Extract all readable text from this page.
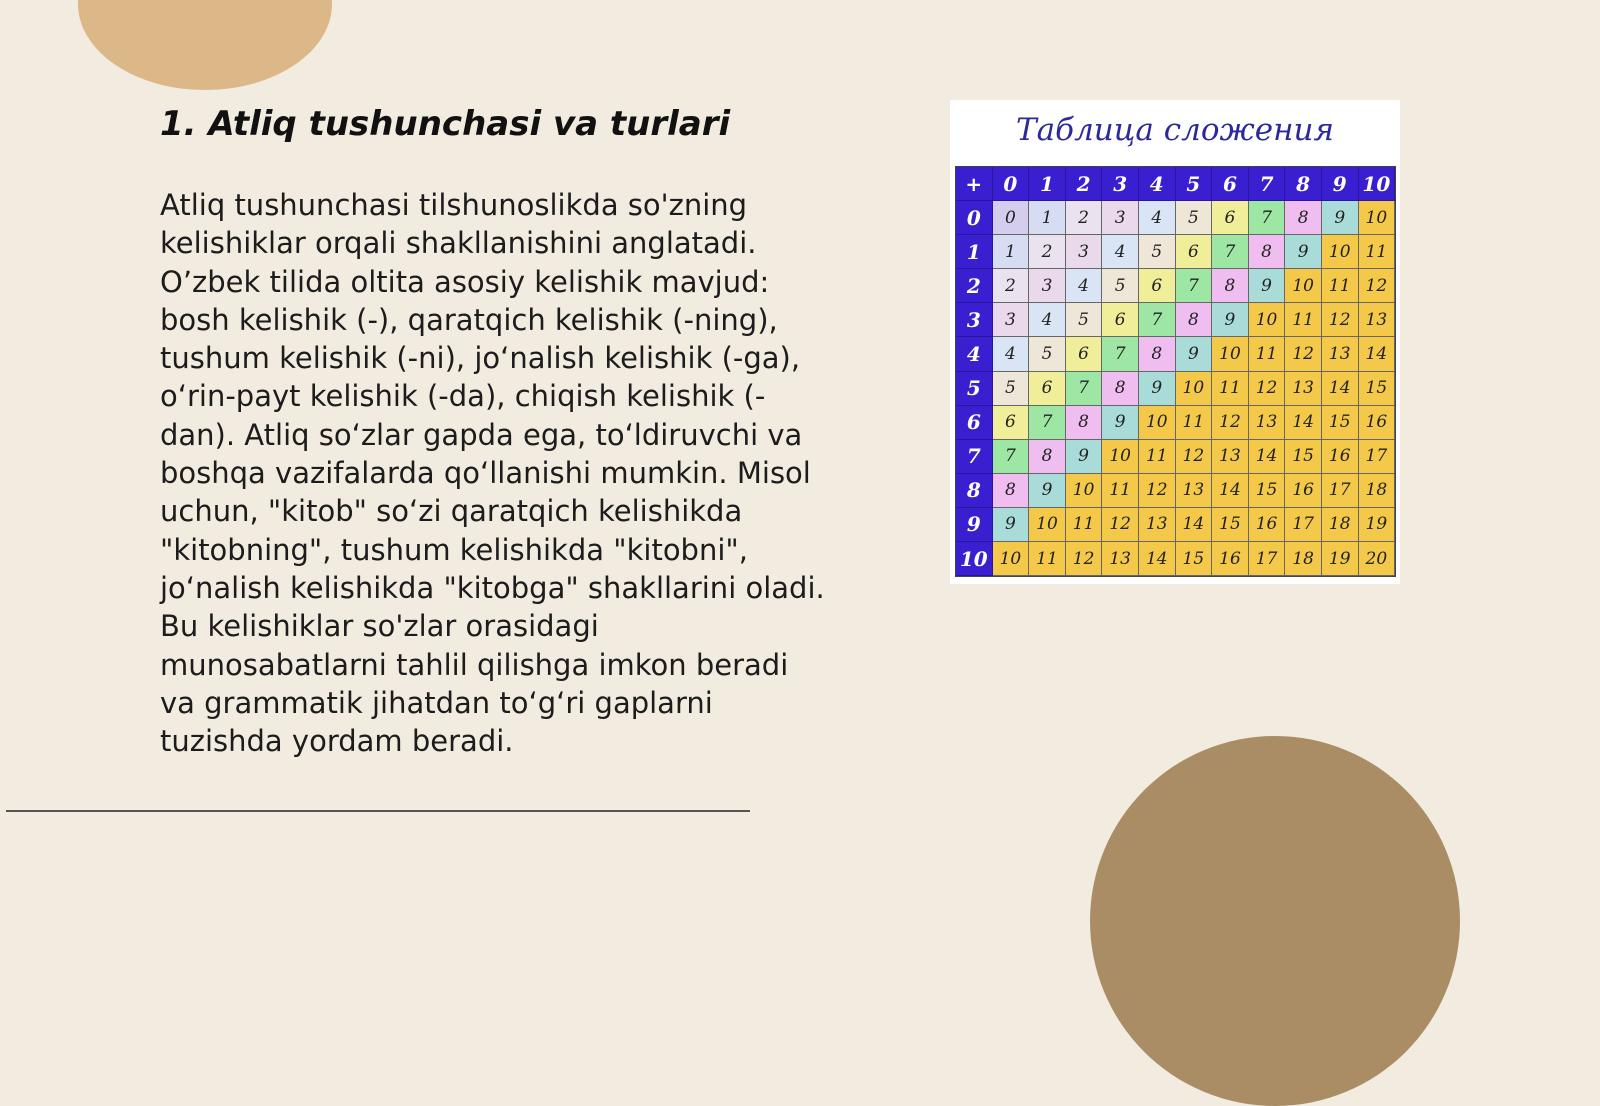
1. Atliq tushunchasi va turlari

Atliq tushunchasi tilshunoslikda so'zning
kelishiklar orqali shakllanishini anglatadi.
O’zbek tilida oltita asosiy kelishik mavjud:
bosh kelishik (-), qaratqich kelishik (-ning),
tushum kelishik (-ni), jo‘nalish kelishik (-ga),
o‘rin-payt kelishik (-da), chiqish kelishik (-
dan). Atliq so‘zlar gapda ega, to‘ldiruvchi va
boshqa vazifalarda qo‘llanishi mumkin. Misol
uchun, "kitob" so‘zi qaratqich kelishikda
"kitobning", tushum kelishikda "kitobni",
jo‘nalish kelishikda "kitobga" shakllarini oladi.
Bu kelishiklar so'zlar orasidagi
munosabatlarni tahlil qilishga imkon beradi
va grammatik jihatdan to‘g‘ri gaplarni
tuzishda yordam beradi.

Таблица сложения
+	0	1	2	3	4	5	6	7	8	9 10
0	0	1	2	3	4	5	6	7	8	9	10
1	1	2	3	4	5	6	7	8	9	10 11
2	2	3	4	5	6	7	8	9	10 11 12
3	3	4	5	6	7	8	9	10 11 12 13
4	4	5	6	7	8	9	10 11 12 13 14
5	5	6	7	8	9	10 11 12 13 14 15
6	6	7	8	9	10 11 12 13 14 15 16
7	7	8	9	10 11 12 13 14 15 16 17
8	8	9	10 11 12 13 14 15 16 17 18
9	9	10 11 12 13 14 15 16 17 18 19
10 10 11 12 13 14 15 16 17 18 19 20
